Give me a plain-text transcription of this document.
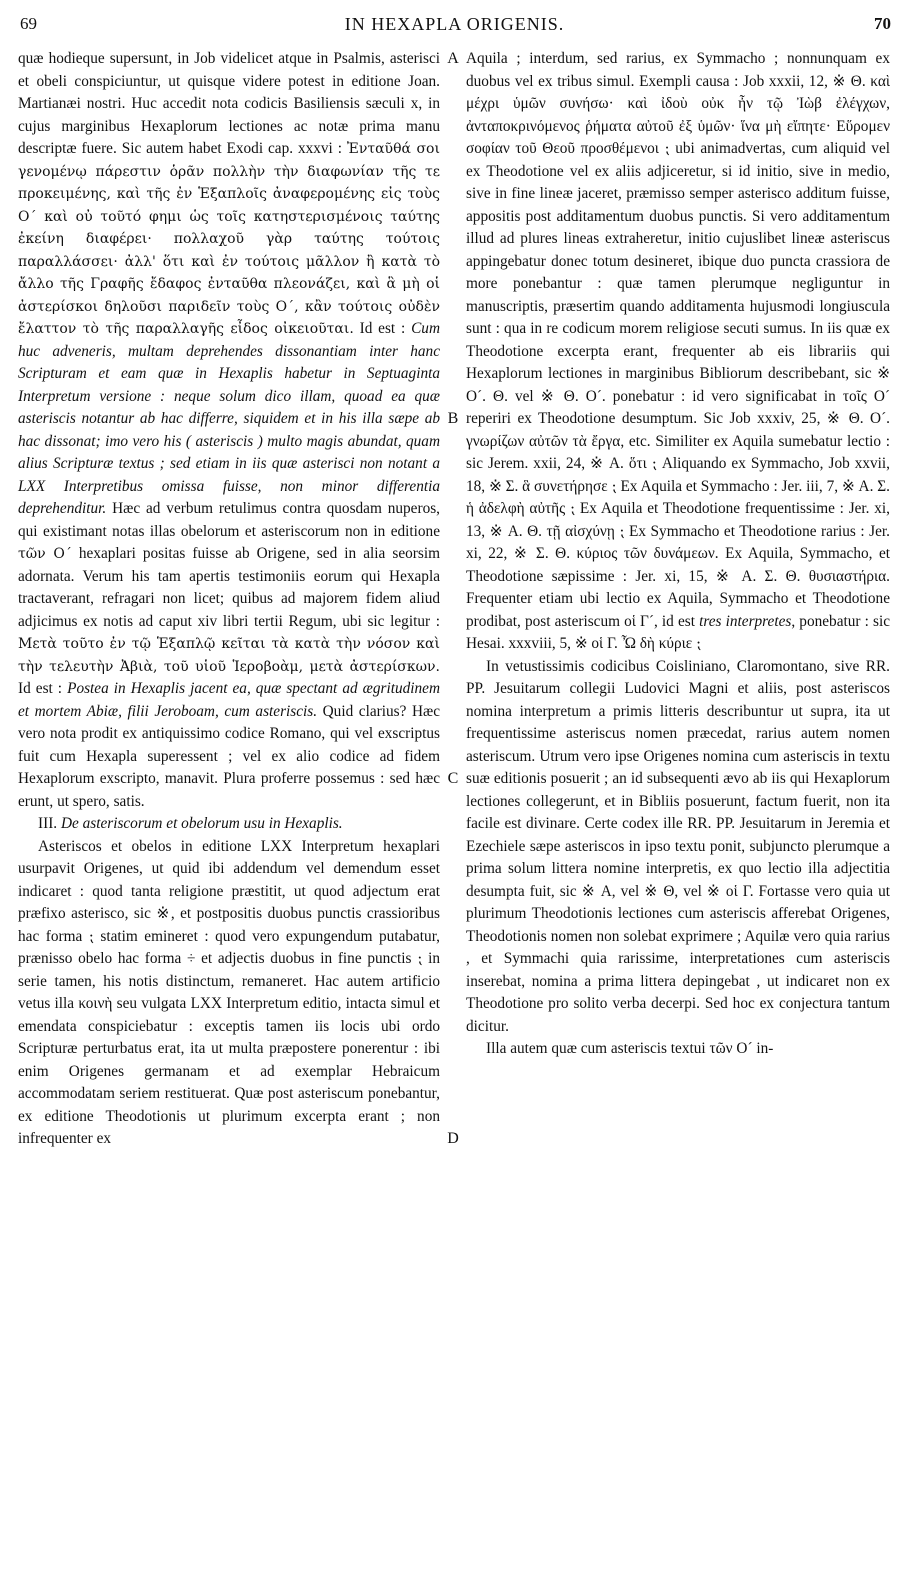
69	IN HEXAPLA ORIGENIS.	70
A
B
C
D

quæ hodieque supersunt, in Job videlicet atque in Psalmis, asterisci et obeli conspiciuntur, ut quisque videre potest in editione Joan. Martianæi nostri. Huc accedit nota codicis Basiliensis sæculi x, in cujus marginibus Hexaplorum lectiones ac notæ prima manu descriptæ fuere. Sic autem habet Exodi cap. xxxvi : Ἐνταῦθά σοι γενομένῳ πάρεστιν ὁρᾶν πολλὴν τὴν διαφωνίαν τῆς τε προκειμένης, καὶ τῆς ἐν Ἑξαπλοῖς ἀναφερομένης εἰς τοὺς Ο´ καὶ οὐ τοῦτό φημι ὡς τοῖς κατηστερισμένοις ταύτης ἐκείνη διαφέρει· πολλαχοῦ γὰρ ταύτης τούτοις παραλλάσσει· ἀλλ' ὅτι καὶ ἐν τούτοις μᾶλλον ἢ κατὰ τὸ ἄλλο τῆς Γραφῆς ἔδαφος ἐνταῦθα πλεονάζει, καὶ ἃ μὴ οἱ ἀστερίσκοι δηλοῦσι παριδεῖν τοὺς Ο´, κἂν τούτοις οὐδὲν ἔλαττον τὸ τῆς παραλλαγῆς εἶδος οἰκειοῦται. Id est : Cum huc adveneris, multam deprehendes dissonantiam inter hanc Scripturam et eam quæ in Hexaplis habetur in Septuaginta Interpretum versione : neque solum dico illam, quoad ea quæ asteriscis notantur ab hac differre, siquidem et in his illa sæpe ab hac dissonat; imo vero his ( asteriscis ) multo magis abundat, quam alius Scripturæ textus ; sed etiam in iis quæ asterisci non notant a LXX Interpretibus omissa fuisse, non minor differentia deprehenditur. Hæc ad verbum retulimus contra quosdam nuperos, qui existimant notas illas obelorum et asteriscorum non in editione τῶν Ο´ hexaplari positas fuisse ab Origene, sed in alia seorsim adornata. Verum his tam apertis testimoniis eorum qui Hexapla tractaverant, refragari non licet; quibus ad majorem fidem aliud adjicimus ex notis ad caput xiv libri tertii Regum, ubi sic legitur : Μετὰ τοῦτο ἐν τῷ Ἑξαπλῷ κεῖται τὰ κατὰ τὴν νόσον καὶ τὴν τελευτὴν Ἀβιὰ, τοῦ υἱοῦ Ἱεροβοὰμ, μετὰ ἀστερίσκων. Id est : Postea in Hexaplis jacent ea, quæ spectant ad ægritudinem et mortem Abiæ, filii Jeroboam, cum asteriscis. Quid clarius? Hæc vero nota prodit ex antiquissimo codice Romano, qui vel exscriptus fuit cum Hexapla superessent ; vel ex alio codice ad fidem Hexaplorum exscripto, manavit. Plura proferre possemus : sed hæc erunt, ut spero, satis.

III. De asteriscorum et obelorum usu in Hexaplis.

Asteriscos et obelos in editione LXX Interpretum hexaplari usurpavit Origenes, ut quid ibi addendum vel demendum esset indicaret : quod tanta religione præstitit, ut quod adjectum erat præfixo asterisco, sic ※, et postpositis duobus punctis crassioribus hac forma ⁏ statim emineret : quod vero expungendum putabatur, prænisso obelo hac forma ÷ et adjectis duobus in fine punctis ⁏ in serie tamen, his notis distinctum, remaneret. Hac autem artificio vetus illa κοινὴ seu vulgata LXX Interpretum editio, intacta simul et emendata conspiciebatur : exceptis tamen iis locis ubi ordo Scripturæ perturbatus erat, ita ut multa præpostere ponerentur : ibi enim Origenes germanam et ad exemplar Hebraicum accommodatam seriem restituerat. Quæ post asteriscum ponebantur, ex editione Theodotionis ut plurimum excerpta erant ; non infrequenter ex

Aquila ; interdum, sed rarius, ex Symmacho ; nonnunquam ex duobus vel ex tribus simul. Exempli causa : Job xxxii, 12, ※ Θ. καὶ μέχρι ὑμῶν συνήσω· καὶ ἰδοὺ οὐκ ἦν τῷ Ἰὼβ ἐλέγχων, ἀνταποκρινόμενος ῥήματα αὐτοῦ ἐξ ὑμῶν· ἵνα μὴ εἴπητε· Εὕρομεν σοφίαν τοῦ Θεοῦ προσθέμενοι ⁏ ubi animadvertas, cum aliquid vel ex Theodotione vel ex aliis adjiceretur, si id initio, sive in medio, sive in fine lineæ jaceret, præmisso semper asterisco additum fuisse, appositis post additamentum duobus punctis. Si vero additamentum illud ad plures lineas extraheretur, initio cujuslibet lineæ asteriscus appingebatur donec totum desineret, ibique duo puncta crassiora de more ponebantur : quæ tamen plerumque negliguntur in manuscriptis, præsertim quando additamenta hujusmodi longiuscula sunt : qua in re codicum morem religiose secuti sumus. In iis quæ ex Theodotione excerpta erant, frequenter ab eis librariis qui Hexaplorum lectiones in marginibus Bibliorum describebant, sic ※ Ο´. Θ. vel ※ Θ. Ο´. ponebatur : id vero significabat in τοῖς Ο´ reperiri ex Theodotione desumptum. Sic Job xxxiv, 25, ※ Θ. Ο´. γνωρίζων αὐτῶν τὰ ἔργα, etc. Similiter ex Aquila sumebatur lectio : sic Jerem. xxii, 24, ※ Α. ὅτι ⁏ Aliquando ex Symmacho, Job xxvii, 18, ※ Σ. ἃ συνετήρησε ⁏ Ex Aquila et Symmacho : Jer. iii, 7, ※ Α. Σ. ἡ ἀδελφὴ αὐτῆς ⁏ Ex Aquila et Theodotione frequentissime : Jer. xi, 13, ※ Α. Θ. τῇ αἰσχύνῃ ⁏ Ex Symmacho et Theodotione rarius : Jer. xi, 22, ※ Σ. Θ. κύριος τῶν δυνάμεων. Ex Aquila, Symmacho, et Theodotione sæpissime : Jer. xi, 15, ※ Α. Σ. Θ. θυσιαστήρια. Frequenter etiam ubi lectio ex Aquila, Symmacho et Theodotione prodibat, post asteriscum οἱ Γ´, id est tres interpretes, ponebatur : sic Hesai. xxxviii, 5, ※ οἱ Γ. Ὦ δὴ κύριε ⁏

In vetustissimis codicibus Coisliniano, Claromontano, sive RR. PP. Jesuitarum collegii Ludovici Magni et aliis, post asteriscos nomina interpretum a primis litteris describuntur ut supra, ita ut frequentissime asteriscus nomen præcedat, rarius autem nomen asteriscum. Utrum vero ipse Origenes nomina cum asteriscis in textu suæ editionis posuerit ; an id subsequenti ævo ab iis qui Hexaplorum lectiones collegerunt, et in Bibliis posuerunt, factum fuerit, non ita facile est divinare. Certe codex ille RR. PP. Jesuitarum in Jeremia et Ezechiele sæpe asteriscos in ipso textu ponit, subjuncto plerumque a prima solum littera nomine interpretis, ex quo lectio illa adjectitia desumpta fuit, sic ※ Α, vel ※ Θ, vel ※ οἱ Γ. Fortasse vero quia ut plurimum Theodotionis lectiones cum asteriscis afferebat Origenes, Theodotionis nomen non solebat exprimere ; Aquilæ vero quia rarius , et Symmachi quia rarissime, interpretationes cum asteriscis inserebat, nomina a prima littera depingebat , ut indicaret non ex Theodotione pro solito verba decerpi. Sed hoc ex conjectura tantum dicitur.

Illa autem quæ cum asteriscis textui τῶν Ο´ in-
